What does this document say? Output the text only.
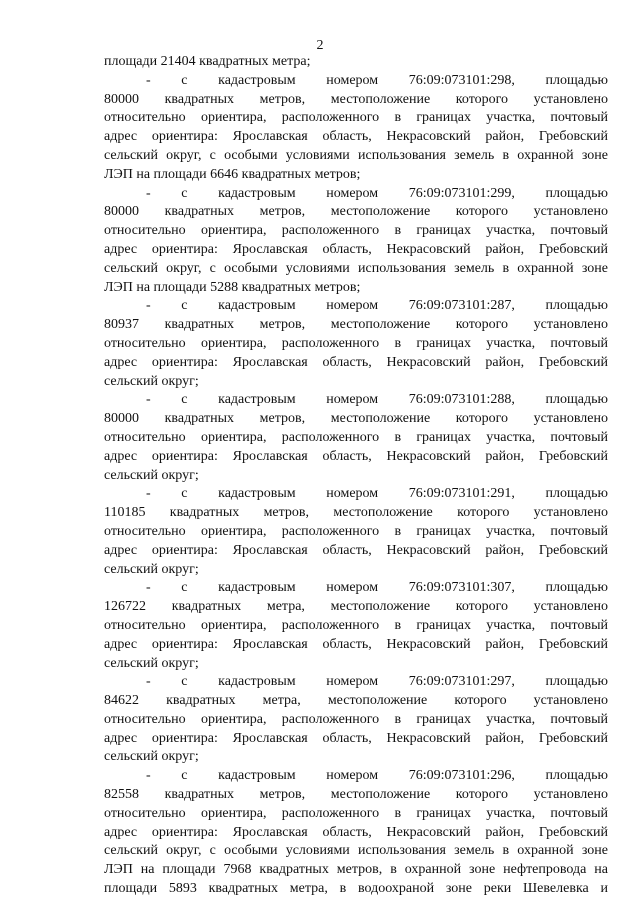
2
площади 21404 квадратных метра;
- с кадастровым номером 76:09:073101:298, площадью
80000 квадратных метров, местоположение которого установлено
относительно ориентира, расположенного в границах участка, почтовый
адрес ориентира: Ярославская область, Некрасовский район, Гребовский
сельский округ, с особыми условиями использования земель в охранной зоне
ЛЭП на площади 6646 квадратных метров;
- с кадастровым номером 76:09:073101:299, площадью
80000 квадратных метров, местоположение которого установлено
относительно ориентира, расположенного в границах участка, почтовый
адрес ориентира: Ярославская область, Некрасовский район, Гребовский
сельский округ, с особыми условиями использования земель в охранной зоне
ЛЭП на площади 5288 квадратных метров;
- с кадастровым номером 76:09:073101:287, площадью
80937 квадратных метров, местоположение которого установлено
относительно ориентира, расположенного в границах участка, почтовый
адрес ориентира: Ярославская область, Некрасовский район, Гребовский
сельский округ;
- с кадастровым номером 76:09:073101:288, площадью
80000 квадратных метров, местоположение которого установлено
относительно ориентира, расположенного в границах участка, почтовый
адрес ориентира: Ярославская область, Некрасовский район, Гребовский
сельский округ;
- с кадастровым номером 76:09:073101:291, площадью
110185 квадратных метров, местоположение которого установлено
относительно ориентира, расположенного в границах участка, почтовый
адрес ориентира: Ярославская область, Некрасовский район, Гребовский
сельский округ;
- с кадастровым номером 76:09:073101:307, площадью
126722 квадратных метра, местоположение которого установлено
относительно ориентира, расположенного в границах участка, почтовый
адрес ориентира: Ярославская область, Некрасовский район, Гребовский
сельский округ;
- с кадастровым номером 76:09:073101:297, площадью
84622 квадратных метра, местоположение которого установлено
относительно ориентира, расположенного в границах участка, почтовый
адрес ориентира: Ярославская область, Некрасовский район, Гребовский
сельский округ;
- с кадастровым номером 76:09:073101:296, площадью
82558 квадратных метров, местоположение которого установлено
относительно ориентира, расположенного в границах участка, почтовый
адрес ориентира: Ярославская область, Некрасовский район, Гребовский
сельский округ, с особыми условиями использования земель в охранной зоне
ЛЭП на площади 7968 квадратных метров, в охранной зоне нефтепровода на
площади 5893 квадратных метра, в водоохраной зоне реки Шевелевка и
